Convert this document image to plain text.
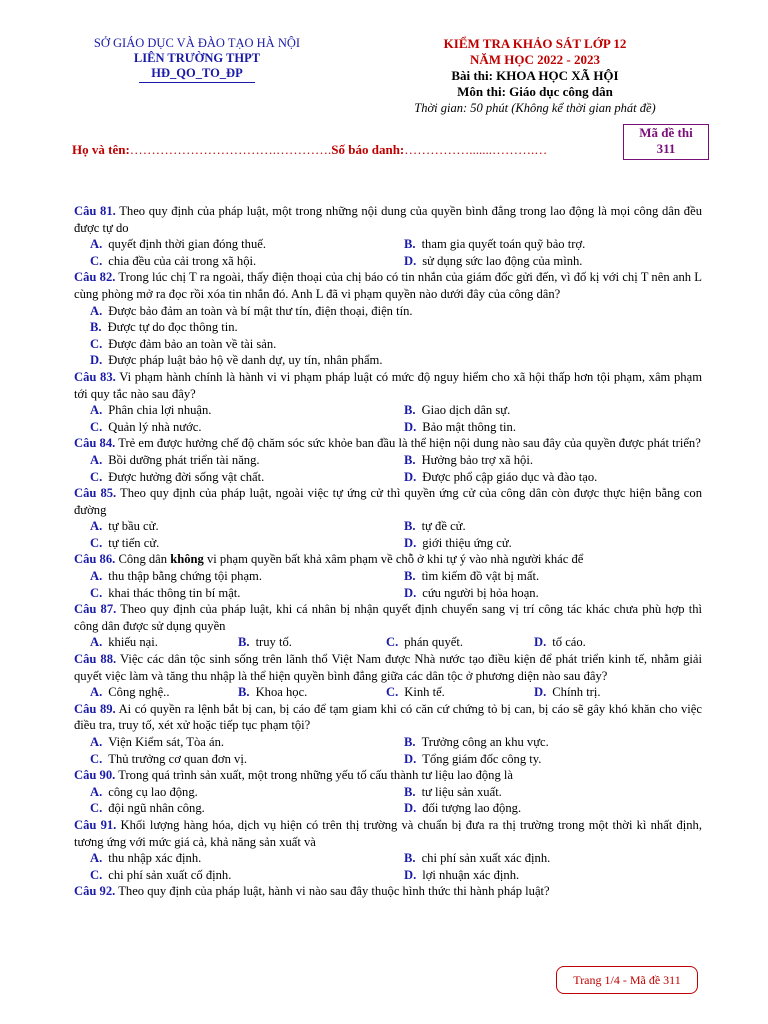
SỞ GIÁO DỤC VÀ ĐÀO TẠO HÀ NỘI
LIÊN TRƯỜNG THPT
HĐ_QO_TO_ĐP
KIỂM TRA KHẢO SÁT LỚP 12
NĂM HỌC 2022 - 2023
Bài thi: KHOA HỌC XÃ HỘI
Môn thi: Giáo dục công dân
Thời gian: 50 phút (Không kể thời gian phát đề)
Mã đề thi
311
Họ và tên:…………………………….………….Số báo danh:…………….......……….…

Câu 81. Theo quy định của pháp luật, một trong những nội dung của quyền bình đẳng trong lao động là mọi công dân đều được tự do

A. quyết định thời gian đóng thuế.	B. tham gia quyết toán quỹ bảo trợ.
C. chia đều của cải trong xã hội.	D. sử dụng sức lao động của mình.

Câu 82. Trong lúc chị T ra ngoài, thấy điện thoại của chị báo có tin nhắn của giám đốc gửi đến, vì đố kị với chị T nên anh L cùng phòng mở ra đọc rồi xóa tin nhắn đó. Anh L đã vi phạm quyền nào dưới đây của công dân?

A. Được bảo đảm an toàn và bí mật thư tín, điện thoại, điện tín.
B. Được tự do đọc thông tin.
C. Được đảm bảo an toàn về tài sản.
D. Được pháp luật bảo hộ về danh dự, uy tín, nhân phẩm.

Câu 83. Vi phạm hành chính là hành vi vi phạm pháp luật có mức độ nguy hiểm cho xã hội thấp hơn tội phạm, xâm phạm tới quy tắc nào sau đây?

A. Phân chia lợi nhuận.	B. Giao dịch dân sự.
C. Quản lý nhà nước.	D. Bảo mật thông tin.

Câu 84. Trẻ em được hưởng chế độ chăm sóc sức khỏe ban đầu là thể hiện nội dung nào sau đây của quyền được phát triển?

A. Bồi dưỡng phát triển tài năng.	B. Hưởng bảo trợ xã hội.
C. Được hưởng đời sống vật chất.	D. Được phổ cập giáo dục và đào tạo.

Câu 85. Theo quy định của pháp luật, ngoài việc tự ứng cử thì quyền ứng cử của công dân còn được thực hiện bằng con đường

A. tự bầu cử.	B. tự đề cử.
C. tự tiến cử.	D. giới thiệu ứng cử.

Câu 86. Công dân không vi phạm quyền bất khả xâm phạm về chỗ ở khi tự ý vào nhà người khác để

A. thu thập bằng chứng tội phạm.	B. tìm kiếm đồ vật bị mất.
C. khai thác thông tin bí mật.	D. cứu người bị hỏa hoạn.

Câu 87. Theo quy định của pháp luật, khi cá nhân bị nhận quyết định chuyển sang vị trí công tác khác chưa phù hợp thì công dân được sử dụng quyền

A. khiếu nại.	B. truy tố.	C. phán quyết.	D. tố cáo.

Câu 88. Việc các dân tộc sinh sống trên lãnh thổ Việt Nam được Nhà nước tạo điều kiện để phát triển kinh tế, nhằm giải quyết việc làm và tăng thu nhập là thể hiện quyền bình đẳng giữa các dân tộc ở phương diện nào sau đây?

A. Công nghệ..	B. Khoa học.	C. Kinh tế.	D. Chính trị.

Câu 89. Ai có quyền ra lệnh bắt bị can, bị cáo để tạm giam khi có căn cứ chứng tỏ bị can, bị cáo sẽ gây khó khăn cho việc điều tra, truy tố, xét xử hoặc tiếp tục phạm tội?

A. Viện Kiểm sát, Tòa án.	B. Trưởng công an khu vực.
C. Thủ trưởng cơ quan đơn vị.	D. Tổng giám đốc công ty.

Câu 90. Trong quá trình sản xuất, một trong những yếu tố cấu thành tư liệu lao động là

A. công cụ lao động.	B. tư liệu sản xuất.
C. đội ngũ nhân công.	D. đối tượng lao động.

Câu 91. Khối lượng hàng hóa, dịch vụ hiện có trên thị trường và chuẩn bị đưa ra thị trường trong một thời kì nhất định, tương ứng với mức giá cả, khả năng sản xuất và

A. thu nhập xác định.	B. chi phí sản xuất xác định.
C. chi phí sản xuất cố định.	D. lợi nhuận xác định.

Câu 92. Theo quy định của pháp luật, hành vi nào sau đây thuộc hình thức thi hành pháp luật?

Trang 1/4 - Mã đề 311
